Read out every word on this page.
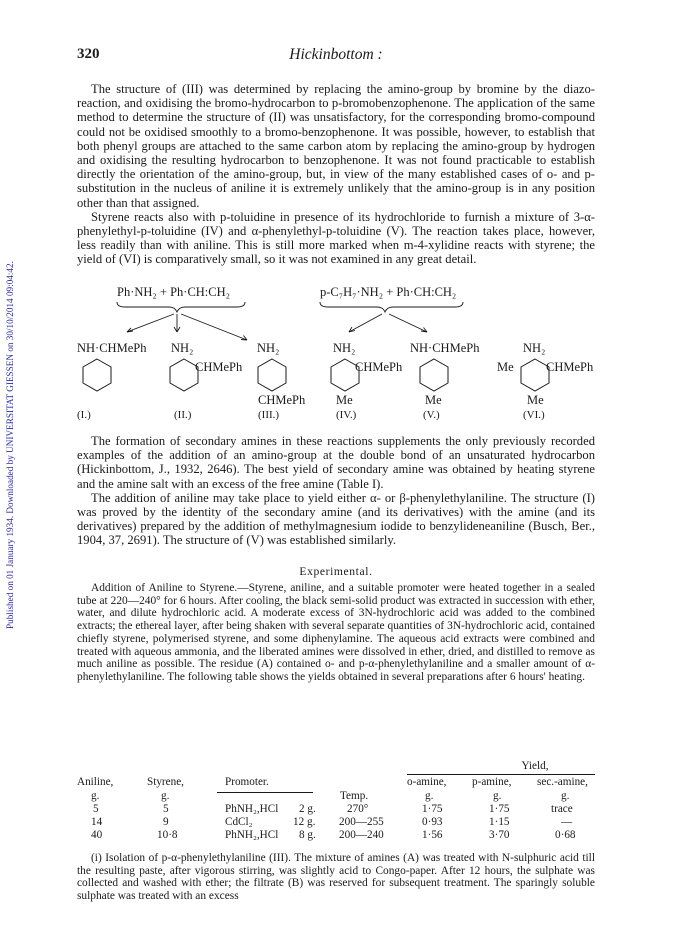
Published on 01 January 1934. Downloaded by UNIVERSITAT GIESSEN on 30/10/2014 09:04:42.
320	Hickinbottom :

The structure of (III) was determined by replacing the amino-group by bromine by the diazo-reaction, and oxidising the bromo-hydrocarbon to p-bromobenzophenone. The application of the same method to determine the structure of (II) was unsatisfactory, for the corresponding bromo-compound could not be oxidised smoothly to a bromo-benzophenone. It was possible, however, to establish that both phenyl groups are attached to the same carbon atom by replacing the amino-group by hydrogen and oxidising the resulting hydrocarbon to benzophenone. It was not found practicable to establish directly the orientation of the amino-group, but, in view of the many established cases of o- and p-substitution in the nucleus of aniline it is extremely unlikely that the amino-group is in any position other than that assigned.

Styrene reacts also with p-toluidine in presence of its hydrochloride to furnish a mixture of 3-α-phenylethyl-p-toluidine (IV) and α-phenylethyl-p-toluidine (V). The reaction takes place, however, less readily than with aniline. This is still more marked when m-4-xylidine reacts with styrene; the yield of (VI) is comparatively small, so it was not examined in any great detail.

Ph·NH₂ + Ph·CH:CH₂	p-C₇H₇·NH₂ + Ph·CH:CH₂
NH·CHMePh NH₂
CHMePh
NH₂
CHMePh
NH₂
CHMePh
Me
NH·CHMePh
Me
NH₂
Me	CHMePh
Me
(I.)	(II.)	(III.)	(IV.)	(V.)	(VI.)

The formation of secondary amines in these reactions supplements the only previously recorded examples of the addition of an amino-group at the double bond of an unsaturated hydrocarbon (Hickinbottom, J., 1932, 2646). The best yield of secondary amine was obtained by heating styrene and the amine salt with an excess of the free amine (Table I).

The addition of aniline may take place to yield either α- or β-phenylethylaniline. The structure (I) was proved by the identity of the secondary amine (and its derivatives) with the amine (and its derivatives) prepared by the addition of methylmagnesium iodide to benzylideneaniline (Busch, Ber., 1904, 37, 2691). The structure of (V) was established similarly.

Experimental.

Addition of Aniline to Styrene.—Styrene, aniline, and a suitable promoter were heated together in a sealed tube at 220—240° for 6 hours. After cooling, the black semi-solid product was extracted in succession with ether, water, and dilute hydrochloric acid. A moderate excess of 3N-hydrochloric acid was added to the combined extracts; the ethereal layer, after being shaken with several separate quantities of 3N-hydrochloric acid, contained chiefly styrene, polymerised styrene, and some diphenylamine. The aqueous acid extracts were combined and treated with aqueous ammonia, and the liberated amines were dissolved in ether, dried, and distilled to remove as much aniline as possible. The residue (A) contained o- and p-α-phenylethylaniline and a smaller amount of α-phenylethylaniline. The following table shows the yields obtained in several preparations after 6 hours' heating.

Yield,
Aniline,	Styrene,	Promoter.
Temp.
o-amine, p-amine, sec.-amine,
g.	g.	g.	g.	g.
5	5	PhNH₂,HCl 2 g.	270°	1·75	1·75	trace
14	9	CdCl₂	12 g. 200—255	0·93	1·15	—
40	10·8	PhNH₂,HCl 8 g. 200—240	1·56	3·70	0·68

(i) Isolation of p-α-phenylethylaniline (III). The mixture of amines (A) was treated with N-sulphuric acid till the resulting paste, after vigorous stirring, was slightly acid to Congo-paper. After 12 hours, the sulphate was collected and washed with ether; the filtrate (B) was reserved for subsequent treatment. The sparingly soluble sulphate was treated with an excess
